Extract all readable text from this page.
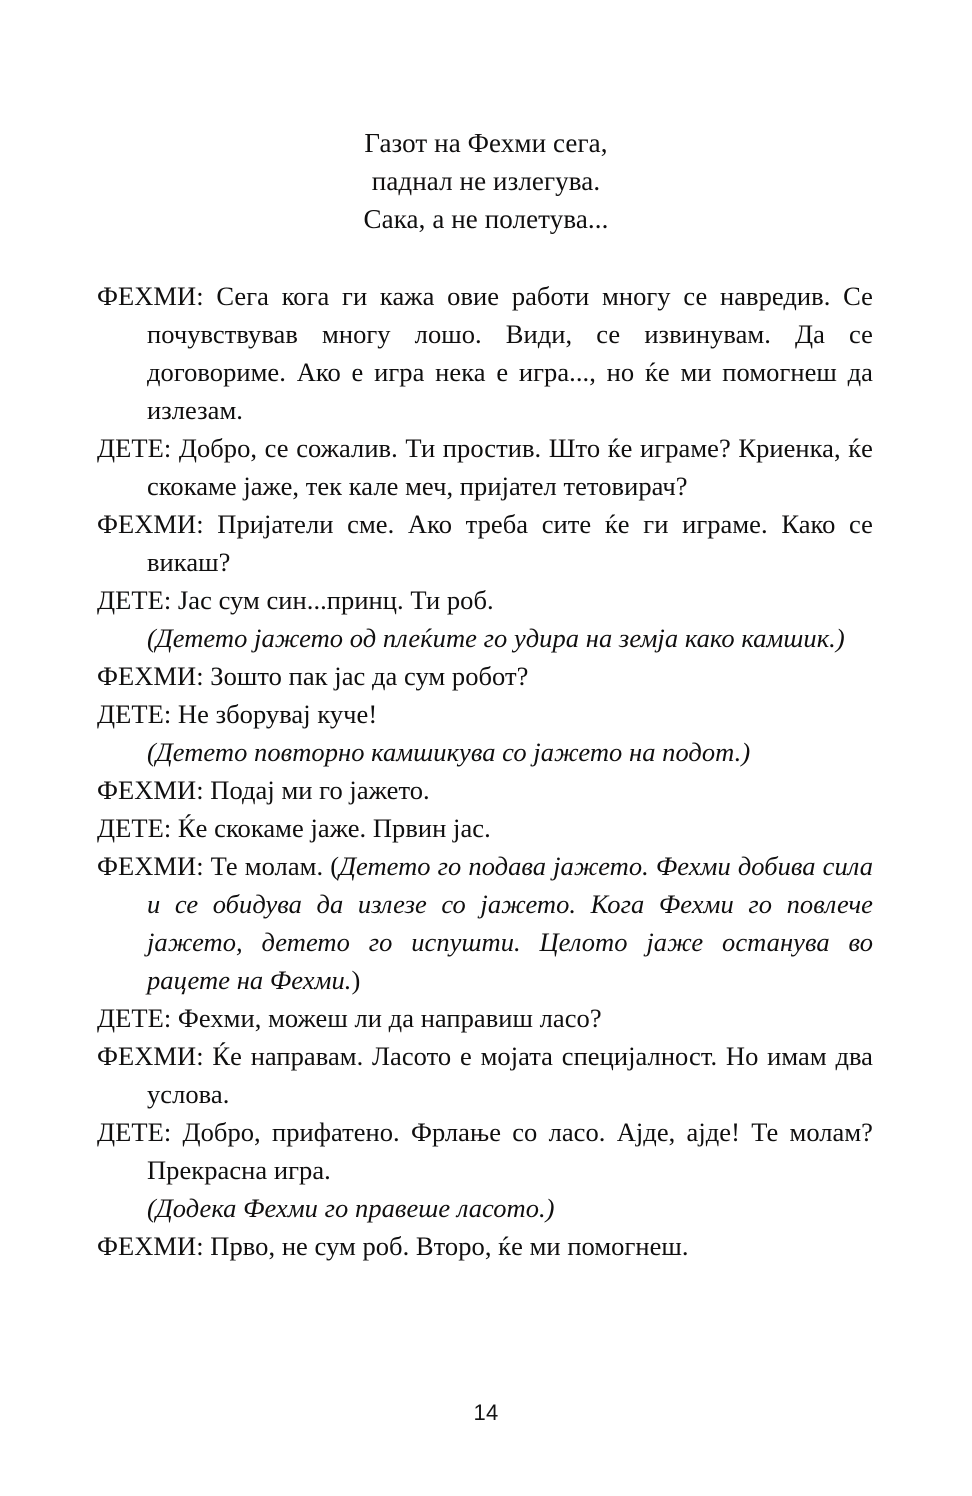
Газот на Фехми сега,
паднал не излегува.
Сака, а не полетува...

ФЕХМИ: Сега кога ги кажа овие работи многу се навредив. Се почувствував многу лошо. Види, се извинувам. Да се договориме. Ако е игра нека е игра..., но ќе ми помогнеш да излезам.

ДЕТЕ: Добро, се сожалив. Ти простив. Што ќе играме? Криенка, ќе скокаме јаже, тек кале меч, пријател тетовирач?

ФЕХМИ: Пријатели сме. Ако треба сите ќе ги играме. Како се викаш?

ДЕТЕ: Јас сум син...принц. Ти роб.

(Детето јажето од плеќите го удира на земја како камшик.)

ФЕХМИ: Зошто пак јас да сум робот?

ДЕТЕ: Не зборувај куче!

(Детето повторно камшикува со јажето на подот.)

ФЕХМИ: Подај ми го јажето.

ДЕТЕ: Ќе скокаме јаже. Првин јас.

ФЕХМИ: Те молам. (Детето го подава јажето. Фехми добива сила и се обидува да излезе со јажето. Кога Фехми го повлече јажето, детето го испушти. Целото јаже останува во рацете на Фехми.)

ДЕТЕ: Фехми, можеш ли да направиш ласо?

ФЕХМИ: Ќе направам. Ласото е мојата специјалност. Но имам два услова.

ДЕТЕ: Добро, прифатено. Фрлање со ласо. Ајде, ајде! Те молам? Прекрасна игра.

(Додека Фехми го правеше ласото.)

ФЕХМИ: Прво, не сум роб. Второ, ќе ми помогнеш.

14
